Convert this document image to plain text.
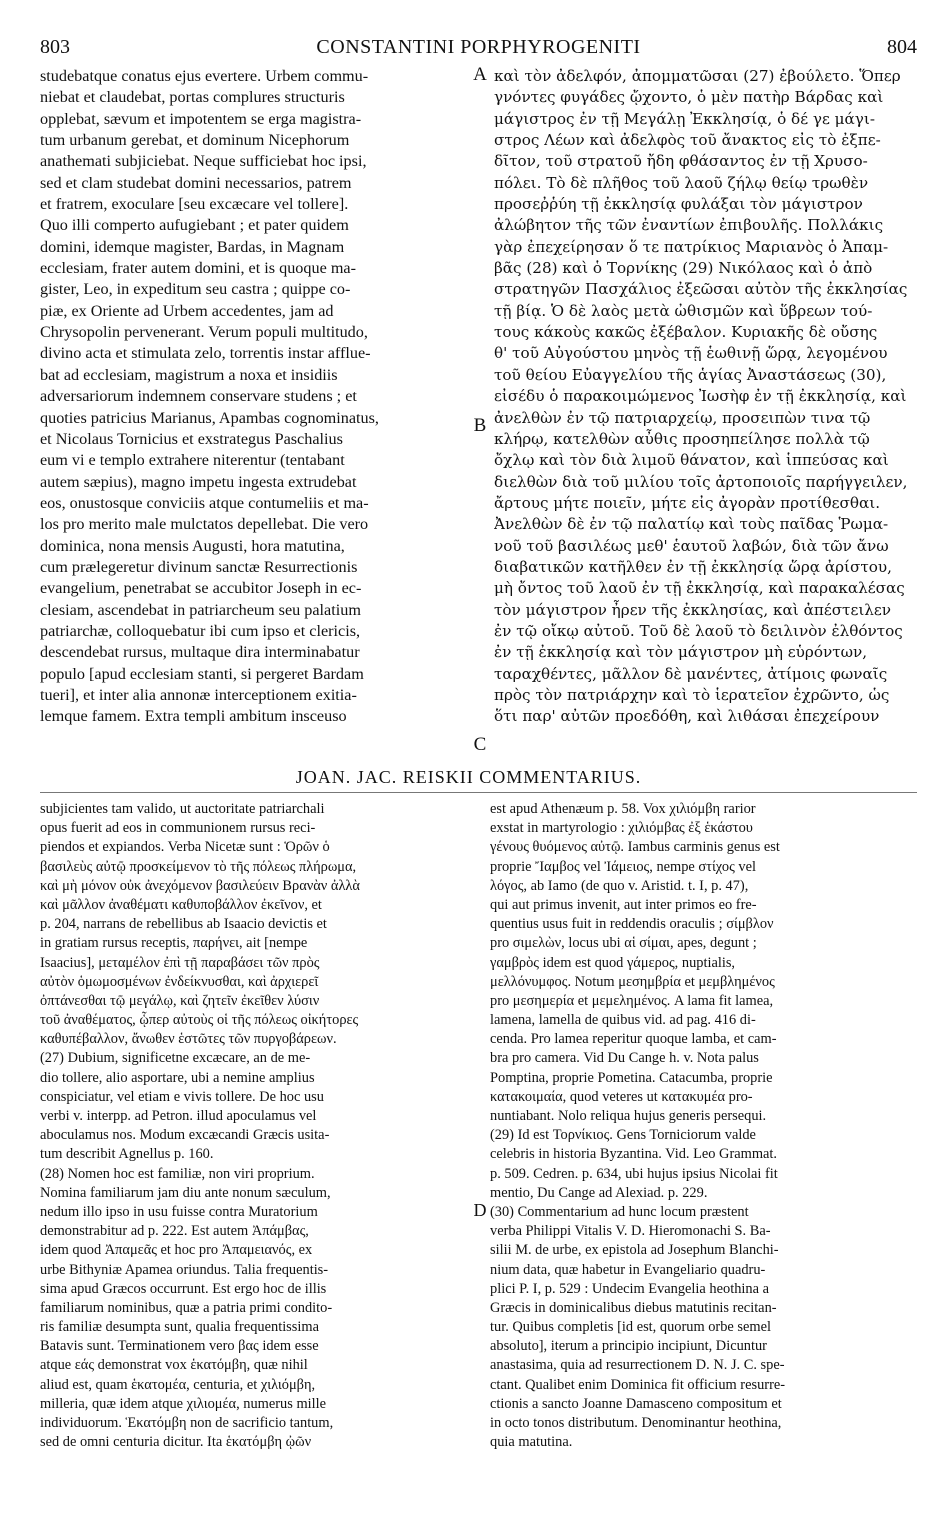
803	CONSTANTINI PORPHYROGENITI	804
studebatque conatus ejus evertere. Urbem commu-
niebat et claudebat, portas complures structuris
opplebat, sævum et impotentem se erga magistra-
tum urbanum gerebat, et dominum Nicephorum
anathemati subjiciebat. Neque sufficiebat hoc ipsi,
sed et clam studebat domini necessarios, patrem
et fratrem, exoculare [seu excæcare vel tollere].
Quo illi comperto aufugiebant ; et pater quidem
domini, idemque magister, Bardas, in Magnam
ecclesiam, frater autem domini, et is quoque ma-
gister, Leo, in expeditum seu castra ; quippe co-
piæ, ex Oriente ad Urbem accedentes, jam ad
Chrysopolin pervenerant. Verum populi multitudo,
divino acta et stimulata zelo, torrentis instar afflue-
bat ad ecclesiam, magistrum a noxa et insidiis
adversariorum indemnem conservare studens ; et
quoties patricius Marianus, Apambas cognominatus,
et Nicolaus Tornicius et exstrategus Paschalius
eum vi e templo extrahere niterentur (tentabant
autem sæpius), magno impetu ingesta extrudebat
eos, onustosque conviciis atque contumeliis et ma-
los pro merito male mulctatos depellebat. Die vero
dominica, nona mensis Augusti, hora matutina,
cum prælegeretur divinum sanctæ Resurrectionis
evangelium, penetrabat se accubitor Joseph in ec-
clesiam, ascendebat in patriarcheum seu palatium
patriarchæ, colloquebatur ibi cum ipso et clericis,
descendebat rursus, multaque dira interminabatur
populo [apud ecclesiam stanti, si pergeret Bardam
tueri], et inter alia annonæ interceptionem exitia-
lemque famem. Extra templi ambitum insceuso
καὶ τὸν ἀδελφόν, ἀπομματῶσαι (27) ἐβούλετο. Ὅπερ
γνόντες φυγάδες ᾤχοντο, ὁ μὲν πατὴρ Βάρδας καὶ
μάγιστρος ἐν τῇ Μεγάλῃ Ἐκκλησίᾳ, ὁ δέ γε μάγι-
στρος Λέων καὶ ἀδελφὸς τοῦ ἄνακτος εἰς τὸ ἐξπε-
δῖτον, τοῦ στρατοῦ ἤδη φθάσαντος ἐν τῇ Χρυσο-
πόλει. Τὸ δὲ πλῆθος τοῦ λαοῦ ζήλῳ θείῳ τρωθὲν
προσεῤῥύη τῇ ἐκκλησίᾳ φυλάξαι τὸν μάγιστρον
ἀλώβητον τῆς τῶν ἐναντίων ἐπιβουλῆς. Πολλάκις
γὰρ ἐπεχείρησαν ὅ τε πατρίκιος Μαριανὸς ὁ Ἀπαμ-
βᾶς (28) καὶ ὁ Τορνίκης (29) Νικόλαος καὶ ὁ ἀπὸ
στρατηγῶν Πασχάλιος ἐξεῶσαι αὐτὸν τῆς ἐκκλησίας
τῇ βίᾳ. Ὁ δὲ λαὸς μετὰ ὠθισμῶν καὶ ὕβρεων τού-
τους κάκοὺς κακῶς ἐξέβαλον. Κυριακῆς δὲ οὔσης
θ' τοῦ Αὐγούστου μηνὸς τῇ ἑωθινῇ ὥρᾳ, λεγομένου
τοῦ θείου Εὐαγγελίου τῆς ἁγίας Ἀναστάσεως (30),
εἰσέδυ ὁ παρακοιμώμενος Ἰωσὴφ ἐν τῇ ἐκκλησίᾳ, καὶ
ἀνελθὼν ἐν τῷ πατριαρχείῳ, προσειπὼν τινα τῷ
κλήρῳ, κατελθὼν αὖθις προσηπείλησε πολλὰ τῷ
ὄχλῳ καὶ τὸν διὰ λιμοῦ θάνατον, καὶ ἱππεύσας καὶ
διελθὼν διὰ τοῦ μιλίου τοῖς ἀρτοποιοῖς παρήγγειλεν,
ἄρτους μήτε ποιεῖν, μήτε εἰς ἀγορὰν προτίθεσθαι.
Ἀνελθὼν δὲ ἐν τῷ παλατίῳ καὶ τοὺς παῖδας Ῥωμα-
νοῦ τοῦ βασιλέως μεθ' ἑαυτοῦ λαβών, διὰ τῶν ἄνω
διαβατικῶν κατῆλθεν ἐν τῇ ἐκκλησίᾳ ὥρᾳ ἀρίστου,
μὴ ὄντος τοῦ λαοῦ ἐν τῇ ἐκκλησίᾳ, καὶ παρακαλέσας
τὸν μάγιστρον ἦρεν τῆς ἐκκλησίας, καὶ ἀπέστειλεν
ἐν τῷ οἴκῳ αὐτοῦ. Τοῦ δὲ λαοῦ τὸ δειλινὸν ἐλθόντος
ἐν τῇ ἐκκλησίᾳ καὶ τὸν μάγιστρον μὴ εὑρόντων,
ταραχθέντες, μᾶλλον δὲ μανέντες, ἀτίμοις φωναῖς
πρὸς τὸν πατριάρχην καὶ τὸ ἱερατεῖον ἐχρῶντο, ὡς
ὅτι παρ' αὐτῶν προεδόθη, καὶ λιθάσαι ἐπεχείρουν
A
B
C
JOAN. JAC. REISKII COMMENTARIUS.
subjicientes tam valido, ut auctoritate patriarchali
opus fuerit ad eos in communionem rursus reci-
piendos et expiandos. Verba Nicetæ sunt : Ὁρῶν ὁ
βασιλεὺς αὐτῷ προσκείμενον τὸ τῆς πόλεως πλήρωμα,
καὶ μὴ μόνον οὐκ ἀνεχόμενον βασιλεύειν Βρανὰν ἀλλὰ
καὶ μᾶλλον ἀναθέματι καθυποβάλλον ἐκεῖνον, et
p. 204, narrans de rebellibus ab Isaacio devictis et
in gratiam rursus receptis, παρήνει, ait [nempe
Isaacius], μεταμέλον ἐπὶ τῇ παραβάσει τῶν πρὸς
αὐτὸν ὁμωμοσμένων ἐνδείκνυσθαι, καὶ ἀρχιερεῖ
ὀπτάνεσθαι τῷ μεγάλῳ, καὶ ζητεῖν ἐκεῖθεν λύσιν
τοῦ ἀναθέματος, ᾧπερ αὐτοὺς οἱ τῆς πόλεως οἰκήτορες
καθυπέβαλλον, ἄνωθεν ἑστῶτες τῶν πυργοβάρεων.
(27) Dubium, significetne excæcare, an de me-
dio tollere, alio asportare, ubi a nemine amplius
conspiciatur, vel etiam e vivis tollere. De hoc usu
verbi v. interpp. ad Petron. illud apoculamus vel
aboculamus nos. Modum excæcandi Græcis usita-
tum describit Agnellus p. 160.
(28) Nomen hoc est familiæ, non viri proprium.
Nomina familiarum jam diu ante nonum sæculum,
nedum illo ipso in usu fuisse contra Muratorium
demonstrabitur ad p. 222. Est autem Ἀπάμβας,
idem quod Ἀπαμεᾶς et hoc pro Ἀπαμειανός, ex
urbe Bithyniæ Apamea oriundus. Talia frequentis-
sima apud Græcos occurrunt. Est ergo hoc de illis
familiarum nominibus, quæ a patria primi condito-
ris familiæ desumpta sunt, qualia frequentissima
Batavis sunt. Terminationem vero βας idem esse
atque εάς demonstrat vox ἑκατόμβη, quæ nihil
aliud est, quam ἑκατομέα, centuria, et χιλιόμβη,
milleria, quæ idem atque χιλιομέα, numerus mille
individuorum. Ἑκατόμβη non de sacrificio tantum,
sed de omni centuria dicitur. Ita ἑκατόμβη ᾠῶν
est apud Athenæum p. 58. Vox χιλιόμβη rarior
exstat in martyrologio : χιλιόμβας ἐξ ἑκάστου
γένους θυόμενος αὐτῷ. Iambus carminis genus est
proprie Ἴαμβος vel Ἰάμειος, nempe στίχος vel
λόγος, ab Iamo (de quo v. Aristid. t. I, p. 47),
qui aut primus invenit, aut inter primos eo fre-
quentius usus fuit in reddendis oraculis ; σίμβλον
pro σιμελὼν, locus ubi αἱ σίμαι, apes, degunt ;
γαμβρὸς idem est quod γάμερος, nuptialis,
μελλόνυμφος. Notum μεσημβρία et μεμβλημένος
pro μεσημερία et μεμελημένος. A lama fit lamea,
lamena, lamella de quibus vid. ad pag. 416 di-
cenda. Pro lamea reperitur quoque lamba, et cam-
bra pro camera. Vid Du Cange h. v. Nota palus
Pomptina, proprie Pometina. Catacumba, proprie
κατακοιμαία, quod veteres ut κατακυμέα pro-
nuntiabant. Nolo reliqua hujus generis persequi.
(29) Id est Τορνίκιος. Gens Torniciorum valde
celebris in historia Byzantina. Vid. Leo Grammat.
p. 509. Cedren. p. 634, ubi hujus ipsius Nicolai fit
mentio, Du Cange ad Alexiad. p. 229.
(30) Commentarium ad hunc locum præstent
verba Philippi Vitalis V. D. Hieromonachi S. Ba-
silii M. de urbe, ex epistola ad Josephum Blanchi-
nium data, quæ habetur in Evangeliario quadru-
plici P. I, p. 529 : Undecim Evangelia heothina a
Græcis in dominicalibus diebus matutinis recitan-
tur. Quibus completis [id est, quorum orbe semel
absoluto], iterum a principio incipiunt, Dicuntur
anastasima, quia ad resurrectionem D. N. J. C. spe-
ctant. Qualibet enim Dominica fit officium resurre-
ctionis a sancto Joanne Damasceno compositum et
in octo tonos distributum. Denominantur heothina,
quia matutina.
D
